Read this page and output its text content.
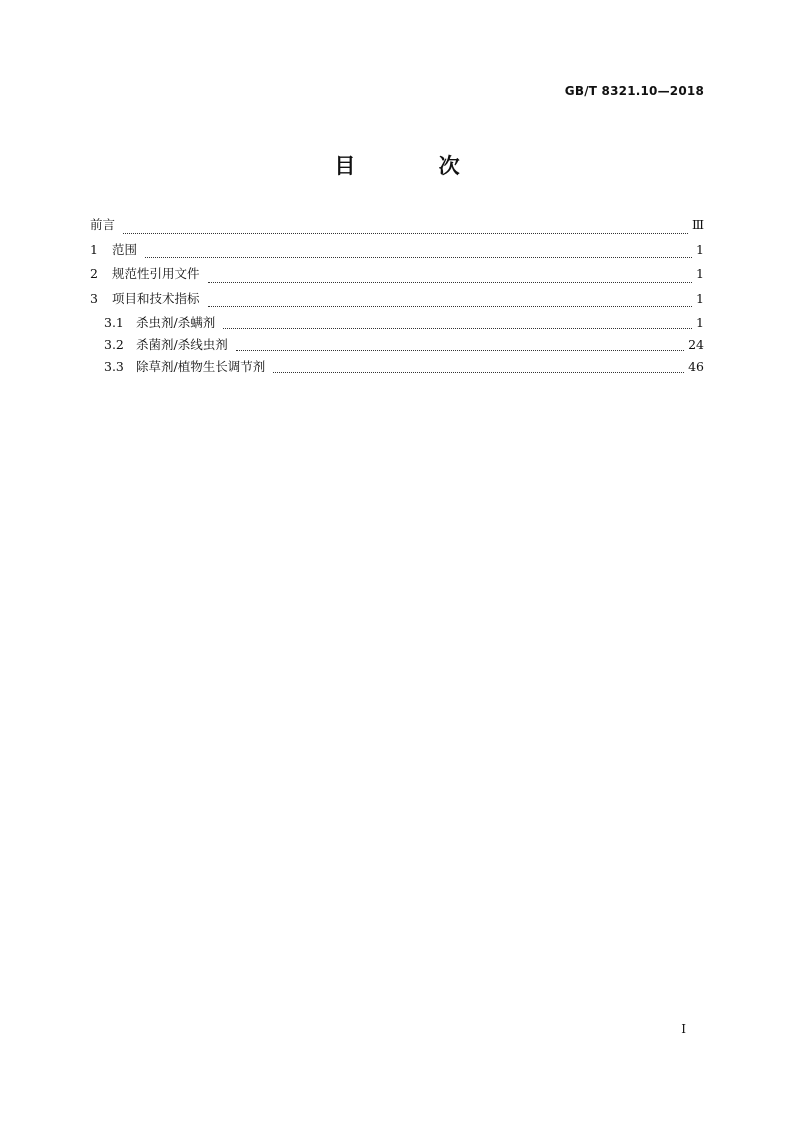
GB/T 8321.10—2018
目 次
前言	Ⅲ
1	范围	1
2	规范性引用文件	1
3	项目和技术指标	1
3.1 杀虫剂/杀螨剂	1
3.2 杀菌剂/杀线虫剂	24
3.3 除草剂/植物生长调节剂	46
Ⅰ
